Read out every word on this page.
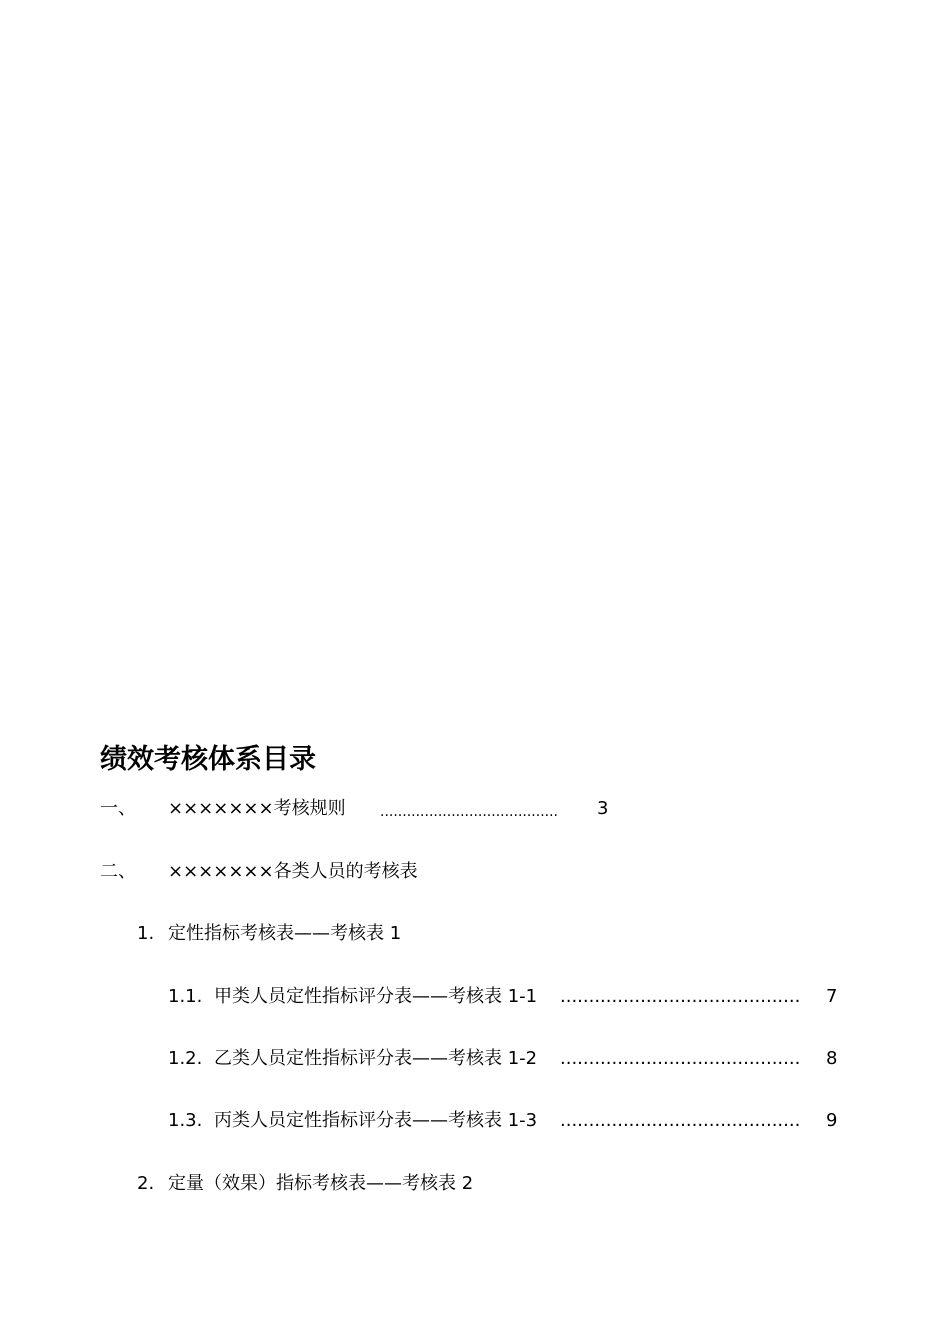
绩效考核体系目录
一、 ×××××××考核规则 ........................................ 3
二、 ×××××××各类人员的考核表
1. 定性指标考核表——考核表 1
1.1. 甲类人员定性指标评分表——考核表 1-1 .......................................... 7
1.2. 乙类人员定性指标评分表——考核表 1-2 .......................................... 8
1.3. 丙类人员定性指标评分表——考核表 1-3 .......................................... 9
2. 定量（效果）指标考核表——考核表 2
